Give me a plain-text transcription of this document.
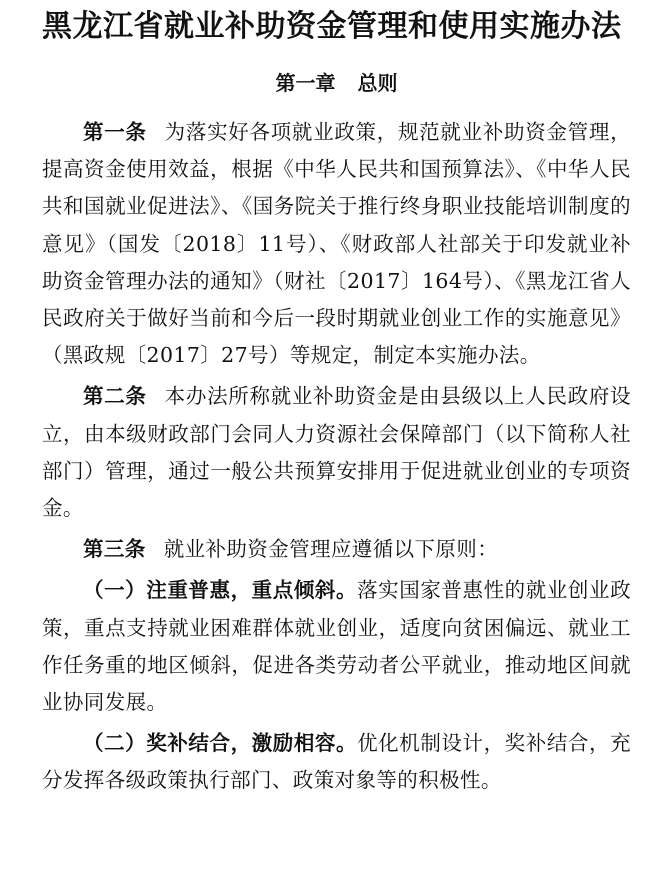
黑龙江省就业补助资金管理和使用实施办法
第一章 总则

第一条 为落实好各项就业政策，规范就业补助资金管理，提高资金使用效益，根据《中华人民共和国预算法》、《中华人民共和国就业促进法》、《国务院关于推行终身职业技能培训制度的意见》（国发〔2018〕11号）、《财政部人社部关于印发就业补助资金管理办法的通知》（财社〔2017〕164号）、《黑龙江省人民政府关于做好当前和今后一段时期就业创业工作的实施意见》（黑政规〔2017〕27号）等规定，制定本实施办法。

第二条 本办法所称就业补助资金是由县级以上人民政府设立，由本级财政部门会同人力资源社会保障部门（以下简称人社部门）管理，通过一般公共预算安排用于促进就业创业的专项资金。

第三条 就业补助资金管理应遵循以下原则：

（一）注重普惠，重点倾斜。落实国家普惠性的就业创业政策，重点支持就业困难群体就业创业，适度向贫困偏远、就业工作任务重的地区倾斜，促进各类劳动者公平就业，推动地区间就业协同发展。

（二）奖补结合，激励相容。优化机制设计，奖补结合，充分发挥各级政策执行部门、政策对象等的积极性。
